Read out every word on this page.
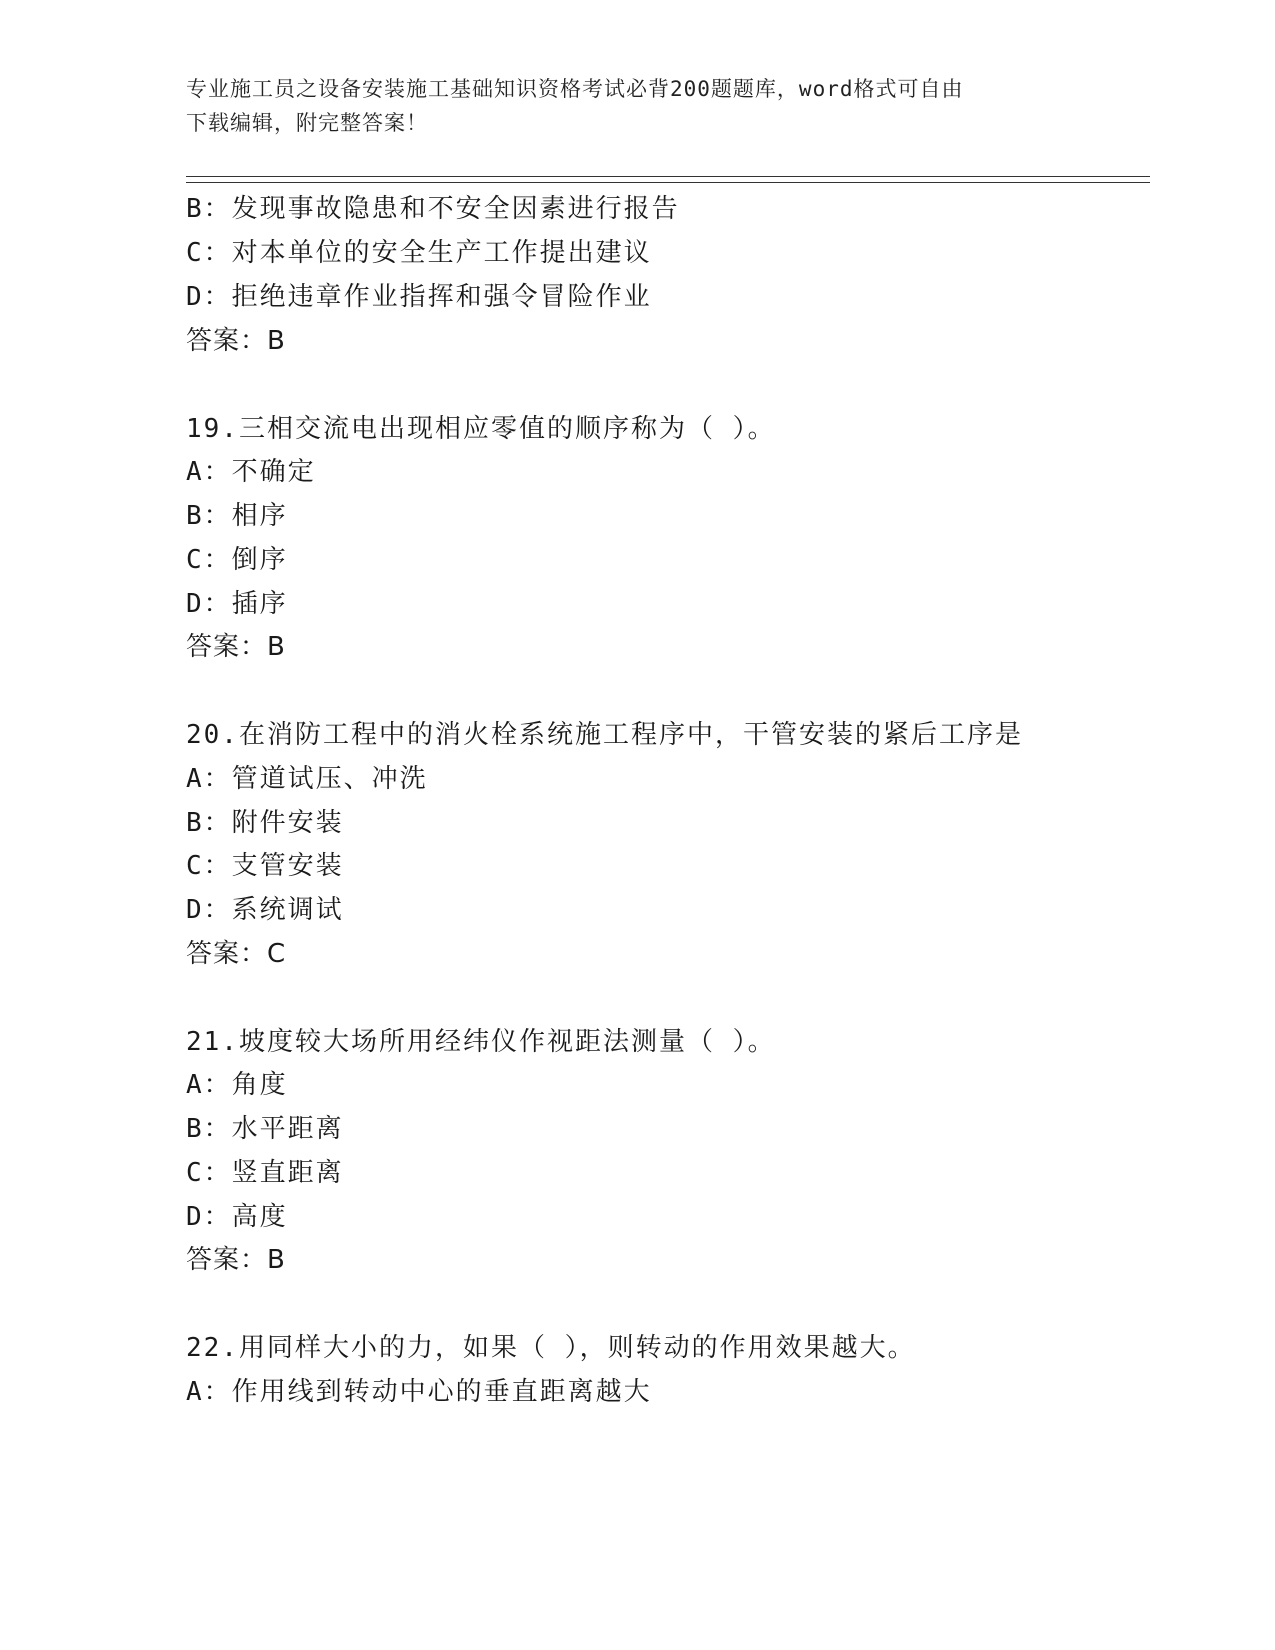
专业施工员之设备安装施工基础知识资格考试必背200题题库，word格式可自由
下载编辑，附完整答案！
B：发现事故隐患和不安全因素进行报告
C：对本单位的安全生产工作提出建议
D：拒绝违章作业指挥和强令冒险作业
答案：B
19.三相交流电出现相应零值的顺序称为（ ）。
A：不确定
B：相序
C：倒序
D：插序
答案：B
20.在消防工程中的消火栓系统施工程序中，干管安装的紧后工序是
A：管道试压、冲洗
B：附件安装
C：支管安装
D：系统调试
答案：C
21.坡度较大场所用经纬仪作视距法测量（ ）。
A：角度
B：水平距离
C：竖直距离
D：高度
答案：B
22.用同样大小的力，如果（ ），则转动的作用效果越大。
A：作用线到转动中心的垂直距离越大
